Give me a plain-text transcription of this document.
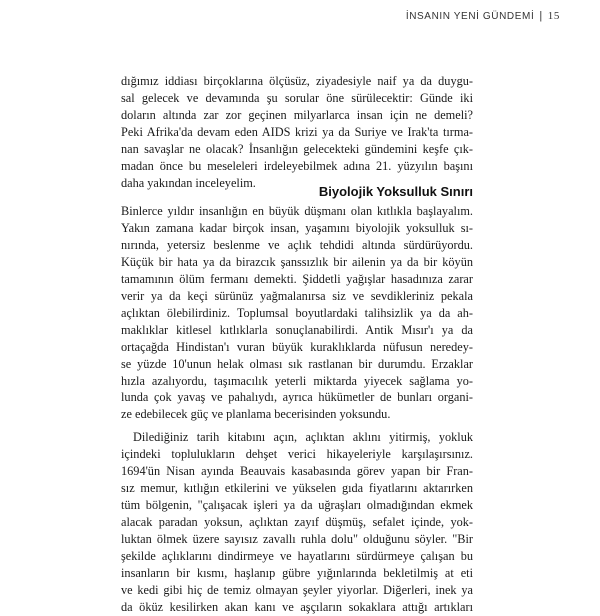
İNSANIN YENİ GÜNDEMİ | 15
dığımız iddiası birçoklarına ölçüsüz, ziyadesiyle naif ya da duygu-
sal gelecek ve devamında şu sorular öne sürülecektir: Günde iki
doların altında zar zor geçinen milyarlarca insan için ne demeli?
Peki Afrika'da devam eden AIDS krizi ya da Suriye ve Irak'ta tırma-
nan savaşlar ne olacak? İnsanlığın gelecekteki gündemini keşfe çık-
madan önce bu meseleleri irdeleyebilmek adına 21. yüzyılın başını
daha yakından inceleyelim.
Biyolojik Yoksulluk Sınırı
Binlerce yıldır insanlığın en büyük düşmanı olan kıtlıkla başlayalım.
Yakın zamana kadar birçok insan, yaşamını biyolojik yoksulluk sı-
nırında, yetersiz beslenme ve açlık tehdidi altında sürdürüyordu.
Küçük bir hata ya da birazcık şanssızlık bir ailenin ya da bir köyün
tamamının ölüm fermanı demekti. Şiddetli yağışlar hasadınıza zarar
verir ya da keçi sürünüz yağmalanırsa siz ve sevdikleriniz pekala
açlıktan ölebilirdiniz. Toplumsal boyutlardaki talihsizlik ya da ah-
maklıklar kitlesel kıtlıklarla sonuçlanabilirdi. Antik Mısır'ı ya da
ortaçağda Hindistan'ı vuran büyük kuraklıklarda nüfusun neredey-
se yüzde 10'unun helak olması sık rastlanan bir durumdu. Erzaklar
hızla azalıyordu, taşımacılık yeterli miktarda yiyecek sağlama yo-
lunda çok yavaş ve pahalıydı, ayrıca hükümetler de bunları organi-
ze edebilecek güç ve planlama becerisinden yoksundu.
Dilediğiniz tarih kitabını açın, açlıktan aklını yitirmiş, yokluk
içindeki toplulukların dehşet verici hikayeleriyle karşılaşırsınız.
1694'ün Nisan ayında Beauvais kasabasında görev yapan bir Fran-
sız memur, kıtlığın etkilerini ve yükselen gıda fiyatlarını aktarırken
tüm bölgenin, "çalışacak işleri ya da uğraşları olmadığından ekmek
alacak paradan yoksun, açlıktan zayıf düşmüş, sefalet içinde, yok-
luktan ölmek üzere sayısız zavallı ruhla dolu" olduğunu söyler. "Bir
şekilde açlıklarını dindirmeye ve hayatlarını sürdürmeye çalışan bu
insanların bir kısmı, haşlanıp gübre yığınlarında bekletilmiş at eti
ve kedi gibi hiç de temiz olmayan şeyler yiyorlar. Diğerleri, inek ya
da öküz kesilirken akan kanı ve aşçıların sokaklara attığı artıkları
